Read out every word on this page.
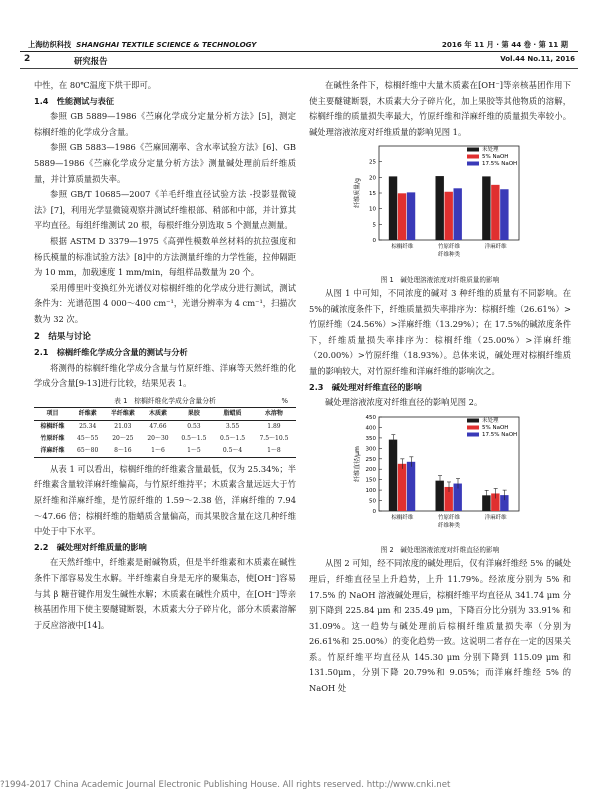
上海纺织科技 SHANGHAI TEXTILE SCIENCE & TECHNOLOGY	2016 年 11 月 · 第 44 卷 · 第 11 期
2	研究报告	Vol.44 No.11, 2016

中性，在 80℃温度下烘干即可。

1.4　性能测试与表征

参照 GB 5889—1986《苎麻化学成分定量分析方法》[5]，测定棕榈纤维的化学成分含量。

参照 GB 5883—1986《苎麻回潮率、含水率试验方法》[6]、GB 5889—1986《苎麻化学成分定量分析方法》测量碱处理前后纤维质量，并计算质量损失率。

参照 GB/T 10685—2007《羊毛纤维直径试验方法 -投影显微镜法》[7]，利用光学显微镜观察并测试纤维根部、稍部和中部，并计算其平均直径。每组纤维测试 20 根，每根纤维分别选取 5 个测量点测量。

根据 ASTM D 3379—1975《高弹性模数单丝材料的抗拉强度和杨氏模量的标准试验方法》[8]中的方法测量纤维的力学性能，拉伸隔距为 10 mm，加载速度 1 mm/min，每组样品数量为 20 个。

采用傅里叶变换红外光谱仪对棕榈纤维的化学成分进行测试，测试条件为：光谱范围 4 000～400 cm⁻¹，光谱分辨率为 4 cm⁻¹，扫描次数为 32 次。

2　结果与讨论

2.1　棕榈纤维化学成分含量的测试与分析

将测得的棕榈纤维化学成分含量与竹原纤维、洋麻等天然纤维的化学成分含量[9-13]进行比较，结果见表 1。

表 1　棕榈纤维化学成分含量分析	%
项目	纤维素	半纤维素	木质素	果胶	脂蜡质	水溶物
棕榈纤维	25.34	21.03	47.66	0.53	3.55	1.89
竹原纤维	45～55	20～25	20～30	0.5～1.5	0.5～1.5	7.5～10.5
洋麻纤维	65～80	8～16	1～6	1～5	0.5～4	1～8

从表 1 可以看出，棕榈纤维的纤维素含量最低，仅为 25.34%；半纤维素含量较洋麻纤维偏高，与竹原纤维持平；木质素含量远远大于竹原纤维和洋麻纤维，是竹原纤维的 1.59～2.38 倍，洋麻纤维的 7.94～47.66 倍；棕榈纤维的脂蜡质含量偏高，而其果胶含量在这几种纤维中处于中下水平。

2.2　碱处理对纤维质量的影响

在天然纤维中，纤维素是耐碱物质，但是半纤维素和木质素在碱性条件下部容易发生水解。半纤维素自身是无序的聚集态，使[OH⁻]容易与其 β 糖苷键作用发生碱性水解；木质素在碱性介质中，在[OH⁻]等亲核基团作用下使主要醚键断裂，木质素大分子碎片化，部分木质素溶解于反应溶液中[14]。

在碱性条件下，棕榈纤维中大量木质素在[OH⁻]等亲核基团作用下使主要醚键断裂，木质素大分子碎片化，加上果胶等其他物质的溶解，棕榈纤维的质量损失率最大，竹原纤维和洋麻纤维的质量损失率较小。碱处理溶液浓度对纤维质量的影响见图 1。

0
5
10
15
20
25
纤维质量/g
棕榈纤维	竹原纤维	洋麻纤维
纤维种类
未处理
5% NaOH
17.5% NaOH
图 1　碱处理溶液浓度对纤维质量的影响

从图 1 中可知，不同浓度的碱对 3 种纤维的质量有不同影响。在 5%的碱浓度条件下，纤维质量损失率排序为：棕榈纤维（26.61%）>竹原纤维（24.56%）>洋麻纤维（13.29%）；在 17.5%的碱浓度条件下，纤维质量损失率排序为：棕榈纤维（25.00%）>洋麻纤维（20.00%）>竹原纤维（18.93%）。总体来说，碱处理对棕榈纤维质量的影响较大，对竹原纤维和洋麻纤维的影响次之。

2.3　碱处理对纤维直径的影响

碱处理溶液浓度对纤维直径的影响见图 2。

0
50
100
150
200
250
300
350
400
450
纤维直径/μm
棕榈纤维	竹原纤维	洋麻纤维
纤维种类
未处理
5% NaOH
17.5% NaOH
图 2　碱处理溶液浓度对纤维直径的影响

从图 2 可知，经不同浓度的碱处理后，仅有洋麻纤维经 5% 的碱处理后，纤维直径呈上升趋势，上升 11.79%。经浓度分别为 5% 和 17.5% 的 NaOH 溶液碱处理后，棕榈纤维平均直径从 341.74 μm 分别下降到 225.84 μm 和 235.49 μm，下降百分比分别为 33.91% 和 31.09%。这一趋势与碱处理前后棕榈纤维质量损失率（分别为 26.61%和 25.00%）的变化趋势一致。这说明二者存在一定的因果关系。竹原纤维平均直径从 145.30 μm 分别下降到 115.09 μm 和 131.50μm，分别下降 20.79%和 9.05%；而洋麻纤维经 5% 的 NaOH 处

?1994-2017 China Academic Journal Electronic Publishing House. All rights reserved. http://www.cnki.net
